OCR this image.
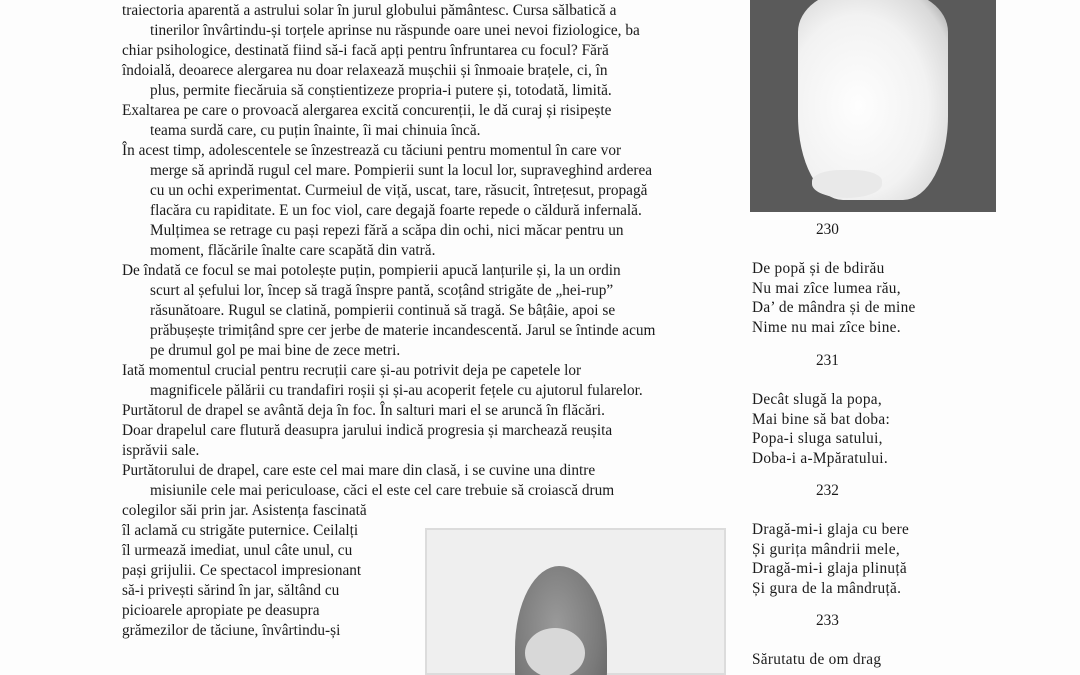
traiectoria aparentă a astrului solar în jurul globului pământesc. Cursa sălbatică a
tinerilor învârtindu-și torțele aprinse nu răspunde oare unei nevoi fiziologice, ba
chiar psihologice, destinată fiind să-i facă apți pentru înfruntarea cu focul? Fără
îndoială, deoarece alergarea nu doar relaxează mușchii și înmoaie brațele, ci, în
plus, permite fiecăruia să conștientizeze propria-i putere și, totodată, limită.
Exaltarea pe care o provoacă alergarea excită concurenții, le dă curaj și risipește
teama surdă care, cu puțin înainte, îi mai chinuia încă.
În acest timp, adolescentele se înzestrează cu tăciuni pentru momentul în care vor
merge să aprindă rugul cel mare. Pompierii sunt la locul lor, supraveghind arderea
cu un ochi experimentat. Curmeiul de viță, uscat, tare, răsucit, întrețesut, propagă
flacăra cu rapiditate. E un foc viol, care degajă foarte repede o căldură infernală.
Mulțimea se retrage cu pași repezi fără a scăpa din ochi, nici măcar pentru un
moment, flăcările înalte care scapătă din vatră.
De îndată ce focul se mai potolește puțin, pompierii apucă lanțurile și, la un ordin
scurt al șefului lor, încep să tragă înspre pantă, scoțând strigăte de „hei-rup”
răsunătoare. Rugul se clatină, pompierii continuă să tragă. Se bâțâie, apoi se
prăbușește trimițând spre cer jerbe de materie incandescentă. Jarul se întinde acum
pe drumul gol pe mai bine de zece metri.
Iată momentul crucial pentru recruții care și-au potrivit deja pe capetele lor
magnificele pălării cu trandafiri roșii și și-au acoperit fețele cu ajutorul fularelor.
Purtătorul de drapel se avântă deja în foc. În salturi mari el se aruncă în flăcări.
Doar drapelul care flutură deasupra jarului indică progresia și marchează reușita
isprăvii sale.
Purtătorului de drapel, care este cel mai mare din clasă, i se cuvine una dintre
misiunile cele mai periculoase, căci el este cel care trebuie să croiască drum
colegilor săi prin jar. Asistența fascinată
îl aclamă cu strigăte puternice. Ceilalți
îl urmează imediat, unul câte unul, cu
pași grijulii. Ce spectacol impresionant
să-i privești sărind în jar, săltând cu
picioarele apropiate pe deasupra
grămezilor de tăciune, învârtindu-și
230
De popă și de bdirău
Nu mai zîce lumea rău,
Da’ de mândra și de mine
Nime nu mai zîce bine.
231
Decât slugă la popa,
Mai bine să bat doba:
Popa-i sluga satului,
Doba-i a-Mpăratului.
232
Dragă-mi-i glaja cu bere
Și gurița mândrii mele,
Dragă-mi-i glaja plinuță
Și gura de la mândruță.
233
Sărutatu de om drag
